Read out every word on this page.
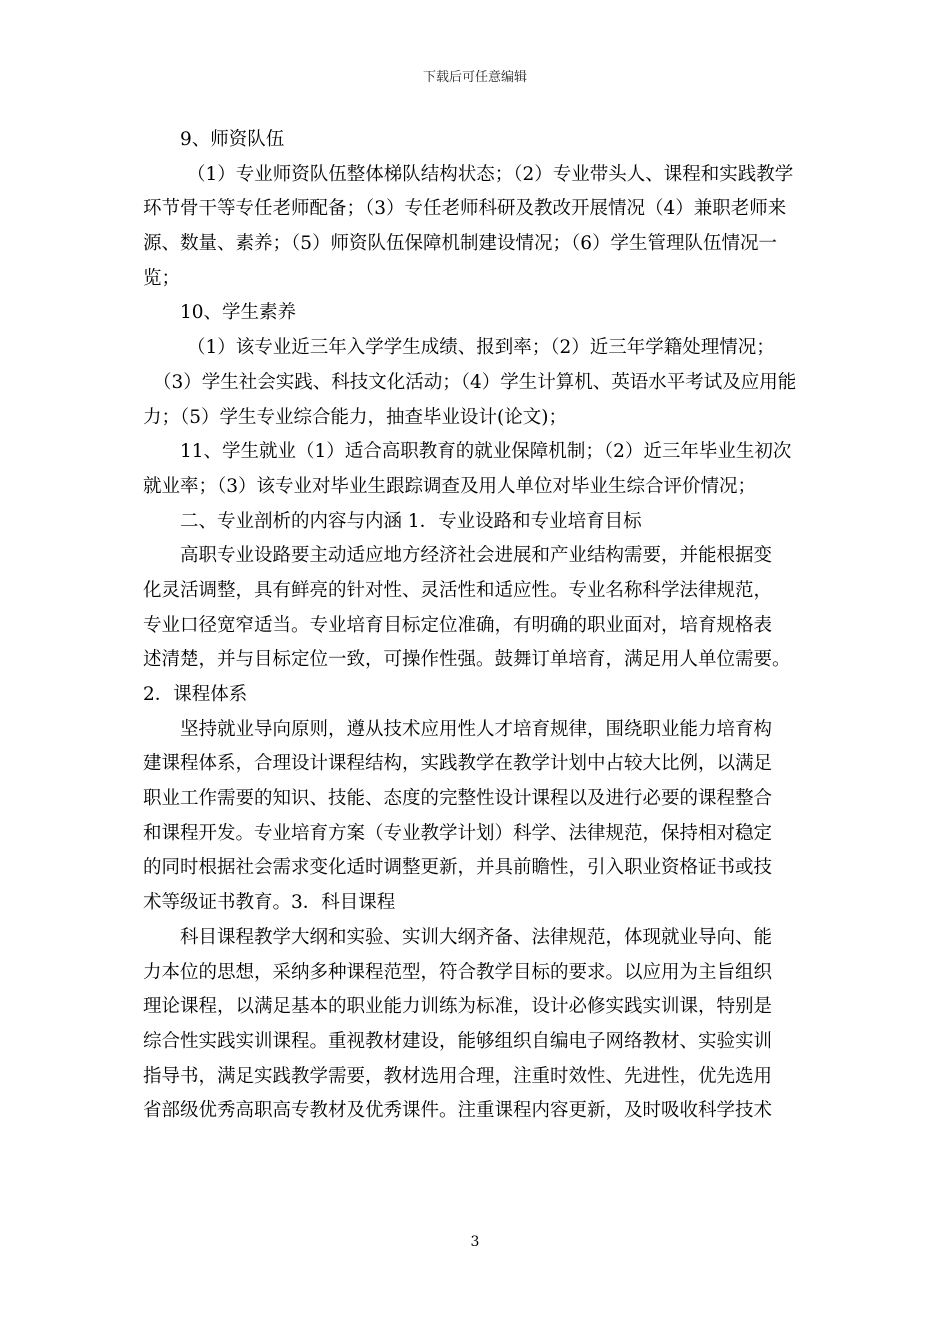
下载后可任意编辑
9、师资队伍
（1）专业师资队伍整体梯队结构状态；（2）专业带头人、课程和实践教学
环节骨干等专任老师配备；（3）专任老师科研及教改开展情况（4）兼职老师来
源、数量、素养；（5）师资队伍保障机制建设情况；（6）学生管理队伍情况一
览；
10、学生素养
（1）该专业近三年入学学生成绩、报到率；（2）近三年学籍处理情况；
（3）学生社会实践、科技文化活动；（4）学生计算机、英语水平考试及应用能
力；（5）学生专业综合能力，抽查毕业设计(论文)；
11、学生就业（1）适合高职教育的就业保障机制；（2）近三年毕业生初次
就业率；（3）该专业对毕业生跟踪调查及用人单位对毕业生综合评价情况；
二、专业剖析的内容与内涵 1．专业设路和专业培育目标
高职专业设路要主动适应地方经济社会进展和产业结构需要，并能根据变
化灵活调整，具有鲜亮的针对性、灵活性和适应性。专业名称科学法律规范，
专业口径宽窄适当。专业培育目标定位准确，有明确的职业面对，培育规格表
述清楚，并与目标定位一致，可操作性强。鼓舞订单培育，满足用人单位需要。
2．课程体系
坚持就业导向原则，遵从技术应用性人才培育规律，围绕职业能力培育构
建课程体系，合理设计课程结构，实践教学在教学计划中占较大比例，以满足
职业工作需要的知识、技能、态度的完整性设计课程以及进行必要的课程整合
和课程开发。专业培育方案（专业教学计划）科学、法律规范，保持相对稳定
的同时根据社会需求变化适时调整更新，并具前瞻性，引入职业资格证书或技
术等级证书教育。3．科目课程
科目课程教学大纲和实验、实训大纲齐备、法律规范，体现就业导向、能
力本位的思想，采纳多种课程范型，符合教学目标的要求。以应用为主旨组织
理论课程，以满足基本的职业能力训练为标准，设计必修实践实训课，特别是
综合性实践实训课程。重视教材建设，能够组织自编电子网络教材、实验实训
指导书，满足实践教学需要，教材选用合理，注重时效性、先进性，优先选用
省部级优秀高职高专教材及优秀课件。注重课程内容更新，及时吸收科学技术
3
